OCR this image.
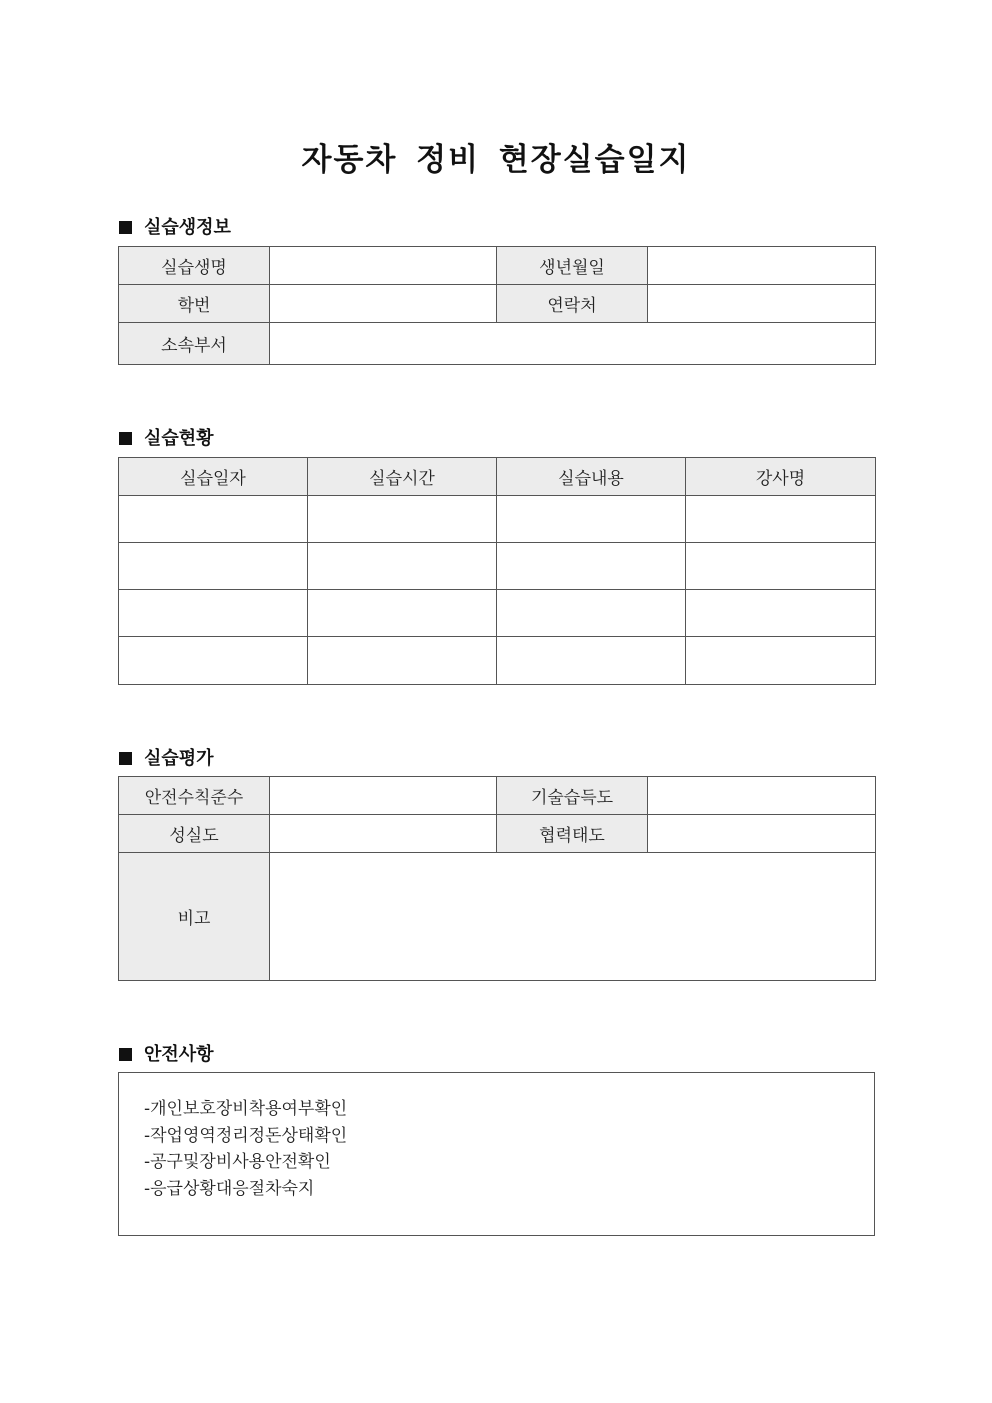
자동차 정비 현장실습일지
실습생정보
실습생명		생년월일	
학번		연락처	
소속부서			
실습현황
실습일자	실습시간	실습내용	강사명

실습평가
안전수칙준수		기술습득도	
성실도		협력태도	
비고			
안전사항
-개인보호장비착용여부확인
-작업영역정리정돈상태확인
-공구및장비사용안전확인
-응급상황대응절차숙지
